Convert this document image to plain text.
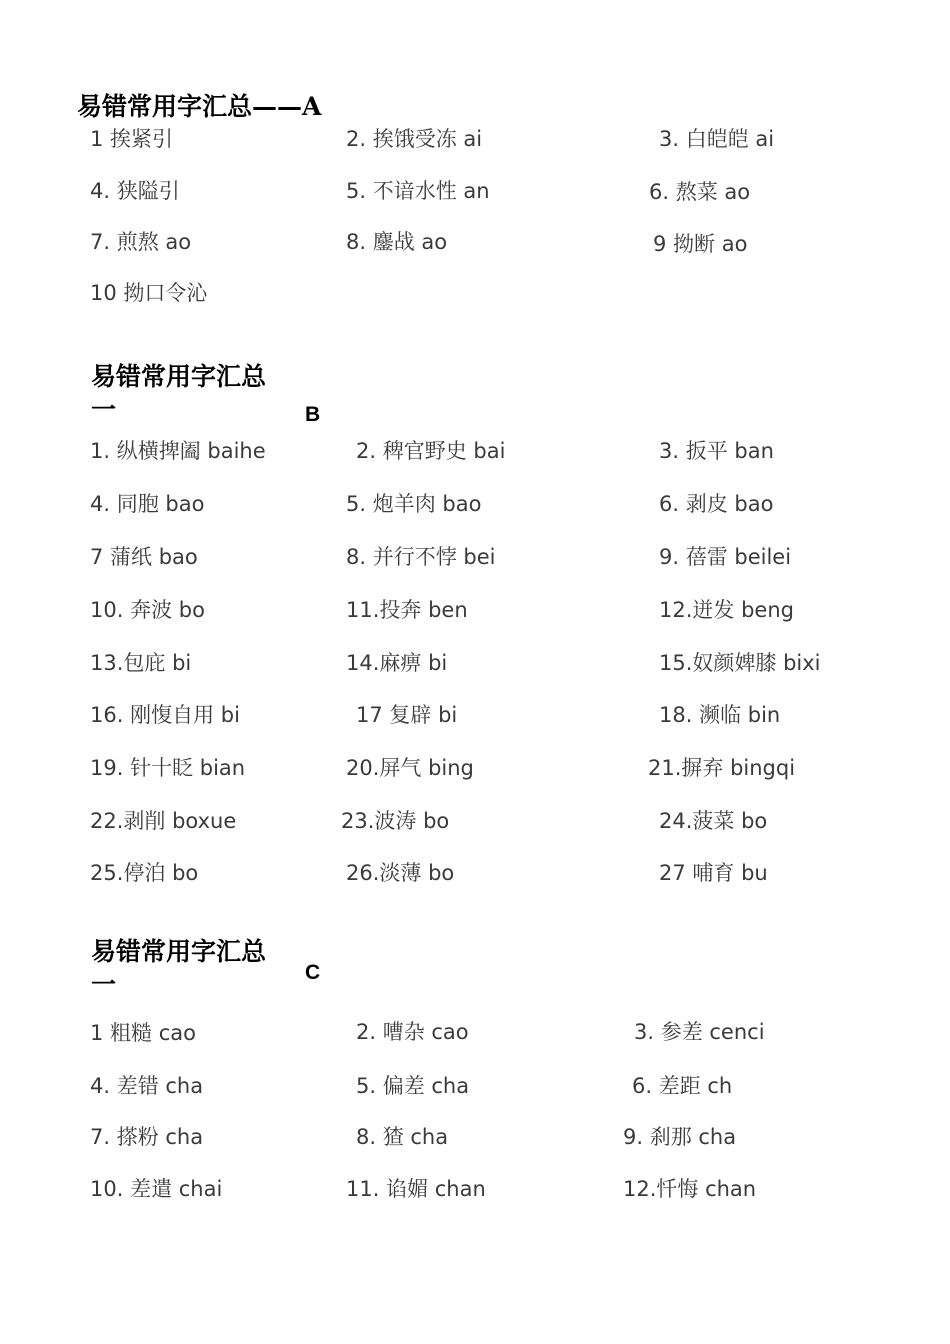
易错常用字汇总——A
1 挨紧引	2. 挨饿受冻 ai	3. 白皑皑 ai
4. 狭隘引	5. 不谙水性 an	6. 熬菜 ao
7. 煎熬 ao	8. 鏖战 ao	9 拗断 ao
10 拗口令沁
易错常用字汇总一	B
1. 纵横捭阖 baihe	2. 稗官野史 bai	3. 扳平 ban
4. 同胞 bao	5. 炮羊肉 bao	6. 剥皮 bao
7 蒲纸 bao	8. 并行不悖 bei	9. 蓓雷 beilei
10. 奔波 bo	11.投奔 ben	12.迸发 beng
13.包庇 bi	14.麻痹 bi	15.奴颜婢膝 bixi
16. 刚愎自用 bi	17 复辟 bi	18. 濒临 bin
19. 针十眨 bian	20.屏气 bing	21.摒弃 bingqi
22.剥削 boxue	23.波涛 bo	24.菠菜 bo
25.停泊 bo	26.淡薄 bo	27 哺育 bu
易错常用字汇总一	C
1 粗糙 cao	2. 嘈杂 cao	3. 参差 cenci
4. 差错 cha	5. 偏差 cha	6. 差距 ch
7. 搽粉 cha	8. 猹 cha	9. 刹那 cha
10. 差遣 chai	11. 谄媚 chan	12.忏悔 chan
